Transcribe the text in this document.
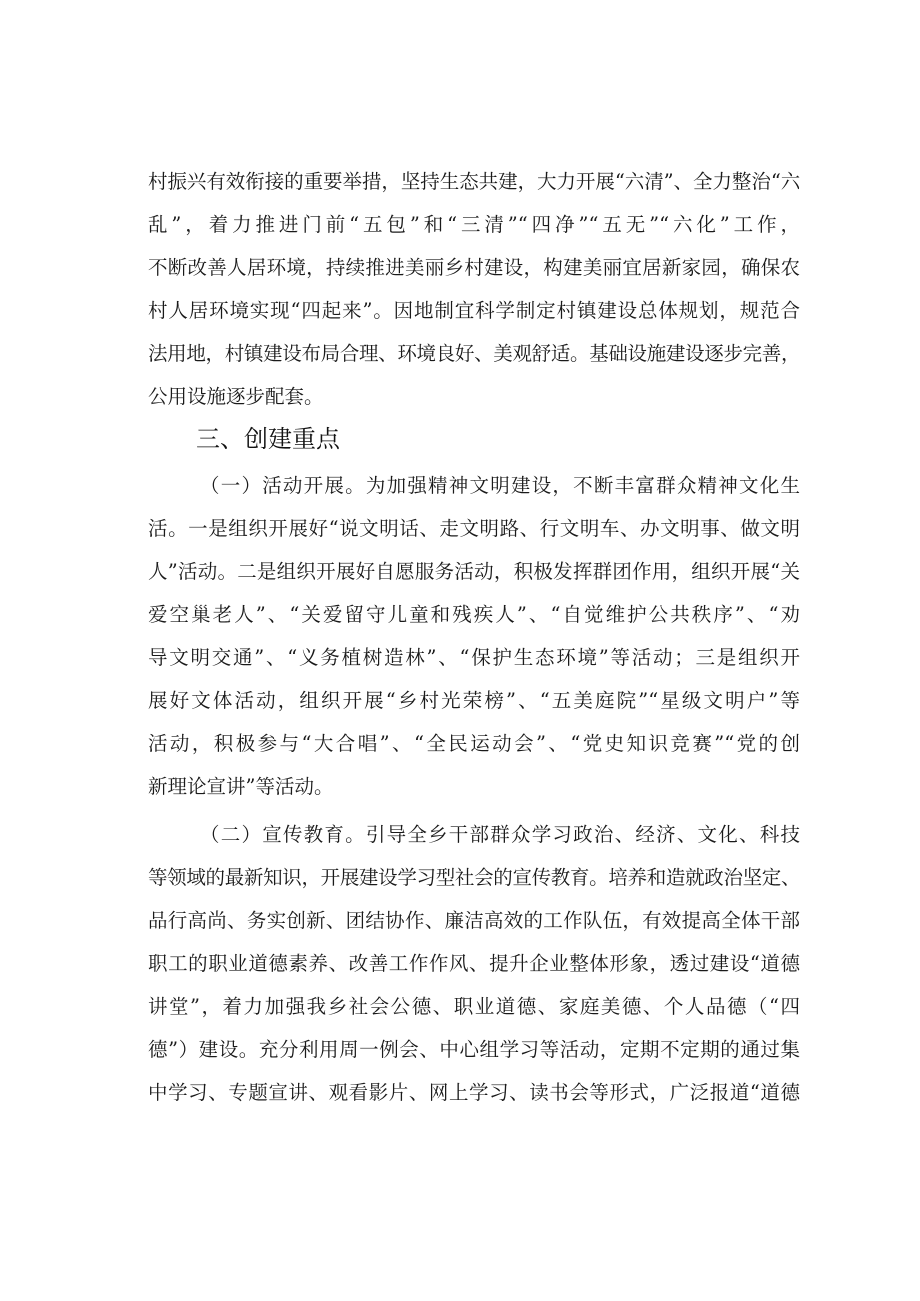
村振兴有效衔接的重要举措，坚持生态共建，大力开展“六清”、全力整治“六
乱”，着力推进门前“五包”和“三清”“四净”“五无”“六化”工作，
不断改善人居环境，持续推进美丽乡村建设，构建美丽宜居新家园，确保农
村人居环境实现“四起来”。因地制宜科学制定村镇建设总体规划，规范合
法用地，村镇建设布局合理、环境良好、美观舒适。基础设施建设逐步完善，
公用设施逐步配套。
三、创建重点
（一）活动开展。为加强精神文明建设，不断丰富群众精神文化生
活。一是组织开展好“说文明话、走文明路、行文明车、办文明事、做文明
人”活动。二是组织开展好自愿服务活动，积极发挥群团作用，组织开展“关
爱空巢老人”、“关爱留守儿童和残疾人”、“自觉维护公共秩序”、“劝
导文明交通”、“义务植树造林”、“保护生态环境”等活动；三是组织开
展好文体活动，组织开展“乡村光荣榜”、“五美庭院”“星级文明户”等
活动，积极参与“大合唱”、“全民运动会”、“党史知识竞赛”“党的创
新理论宣讲”等活动。
（二）宣传教育。引导全乡干部群众学习政治、经济、文化、科技
等领域的最新知识，开展建设学习型社会的宣传教育。培养和造就政治坚定、
品行高尚、务实创新、团结协作、廉洁高效的工作队伍，有效提高全体干部
职工的职业道德素养、改善工作作风、提升企业整体形象，透过建设“道德
讲堂”，着力加强我乡社会公德、职业道德、家庭美德、个人品德（“四
德”）建设。充分利用周一例会、中心组学习等活动，定期不定期的通过集
中学习、专题宣讲、观看影片、网上学习、读书会等形式，广泛报道“道德
